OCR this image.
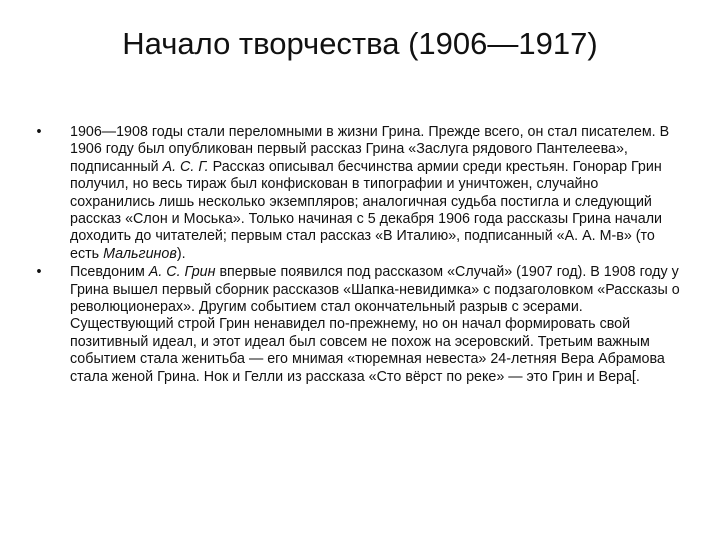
Начало творчества (1906—1917)
• 1906—1908 годы стали переломными в жизни Грина. Прежде всего, он стал писателем. В 1906 году был опубликован первый рассказ Грина «Заслуга рядового Пантелеева», подписанный А. С. Г. Рассказ описывал бесчинства армии среди крестьян. Гонорар Грин получил, но весь тираж был конфискован в типографии и уничтожен, случайно сохранились лишь несколько экземпляров; аналогичная судьба постигла и следующий рассказ «Слон и Моська». Только начиная с 5 декабря 1906 года рассказы Грина начали доходить до читателей; первым стал рассказ «В Италию», подписанный «А. А. М-в» (то есть Мальгинов).
• Псевдоним А. С. Грин впервые появился под рассказом «Случай» (1907 год). В 1908 году у Грина вышел первый сборник рассказов «Шапка-невидимка» с подзаголовком «Рассказы о революционерах». Другим событием стал окончательный разрыв с эсерами. Существующий строй Грин ненавидел по-прежнему, но он начал формировать свой позитивный идеал, и этот идеал был совсем не похож на эсеровский. Третьим важным событием стала женитьба — его мнимая «тюремная невеста» 24-летняя Вера Абрамова стала женой Грина. Нок и Гелли из рассказа «Сто вёрст по реке» — это Грин и Вера[.
